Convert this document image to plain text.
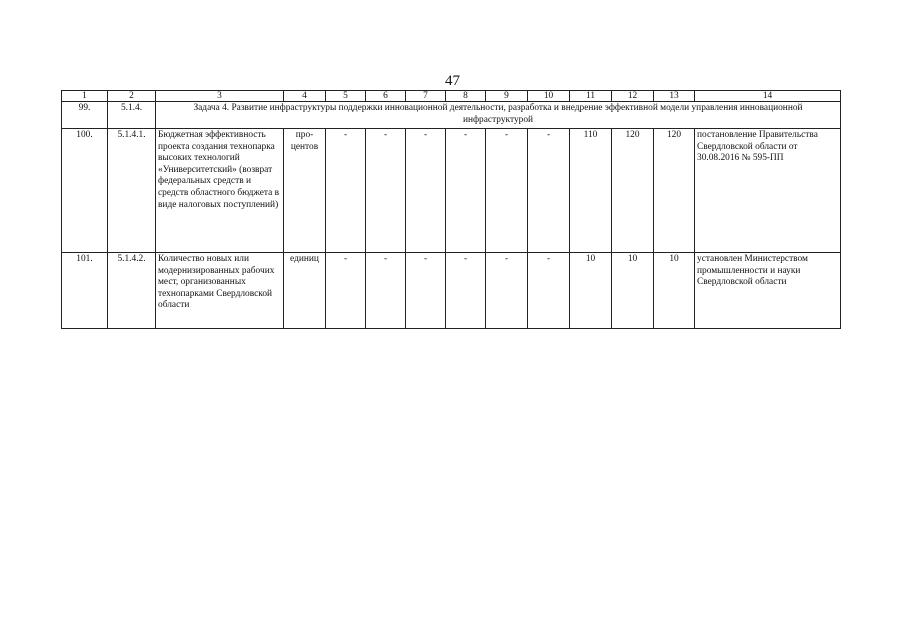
47
1	2	3	4	5	6	7	8	9	10	11	12	13	14
99.	5.1.4.	Задача 4. Развитие инфраструктуры поддержки инновационной деятельности, разработка и внедрение эффективной модели управления инновационной инфраструктурой											
100.	5.1.4.1.	Бюджетная эффективность проекта создания технопарка высоких технологий «Университетский» (возврат федеральных средств и средств областного бюджета в виде налоговых поступлений)	про-центов	-	-	-	-	-	-	110	120	120	постановление Правительства Свердловской области от 30.08.2016 № 595-ПП
101.	5.1.4.2.	Количество новых или модернизированных рабочих мест, организованных технопарками Свердловской области	единиц	-	-	-	-	-	-	10	10	10	установлен Министерством промышленности и науки Свердловской области
